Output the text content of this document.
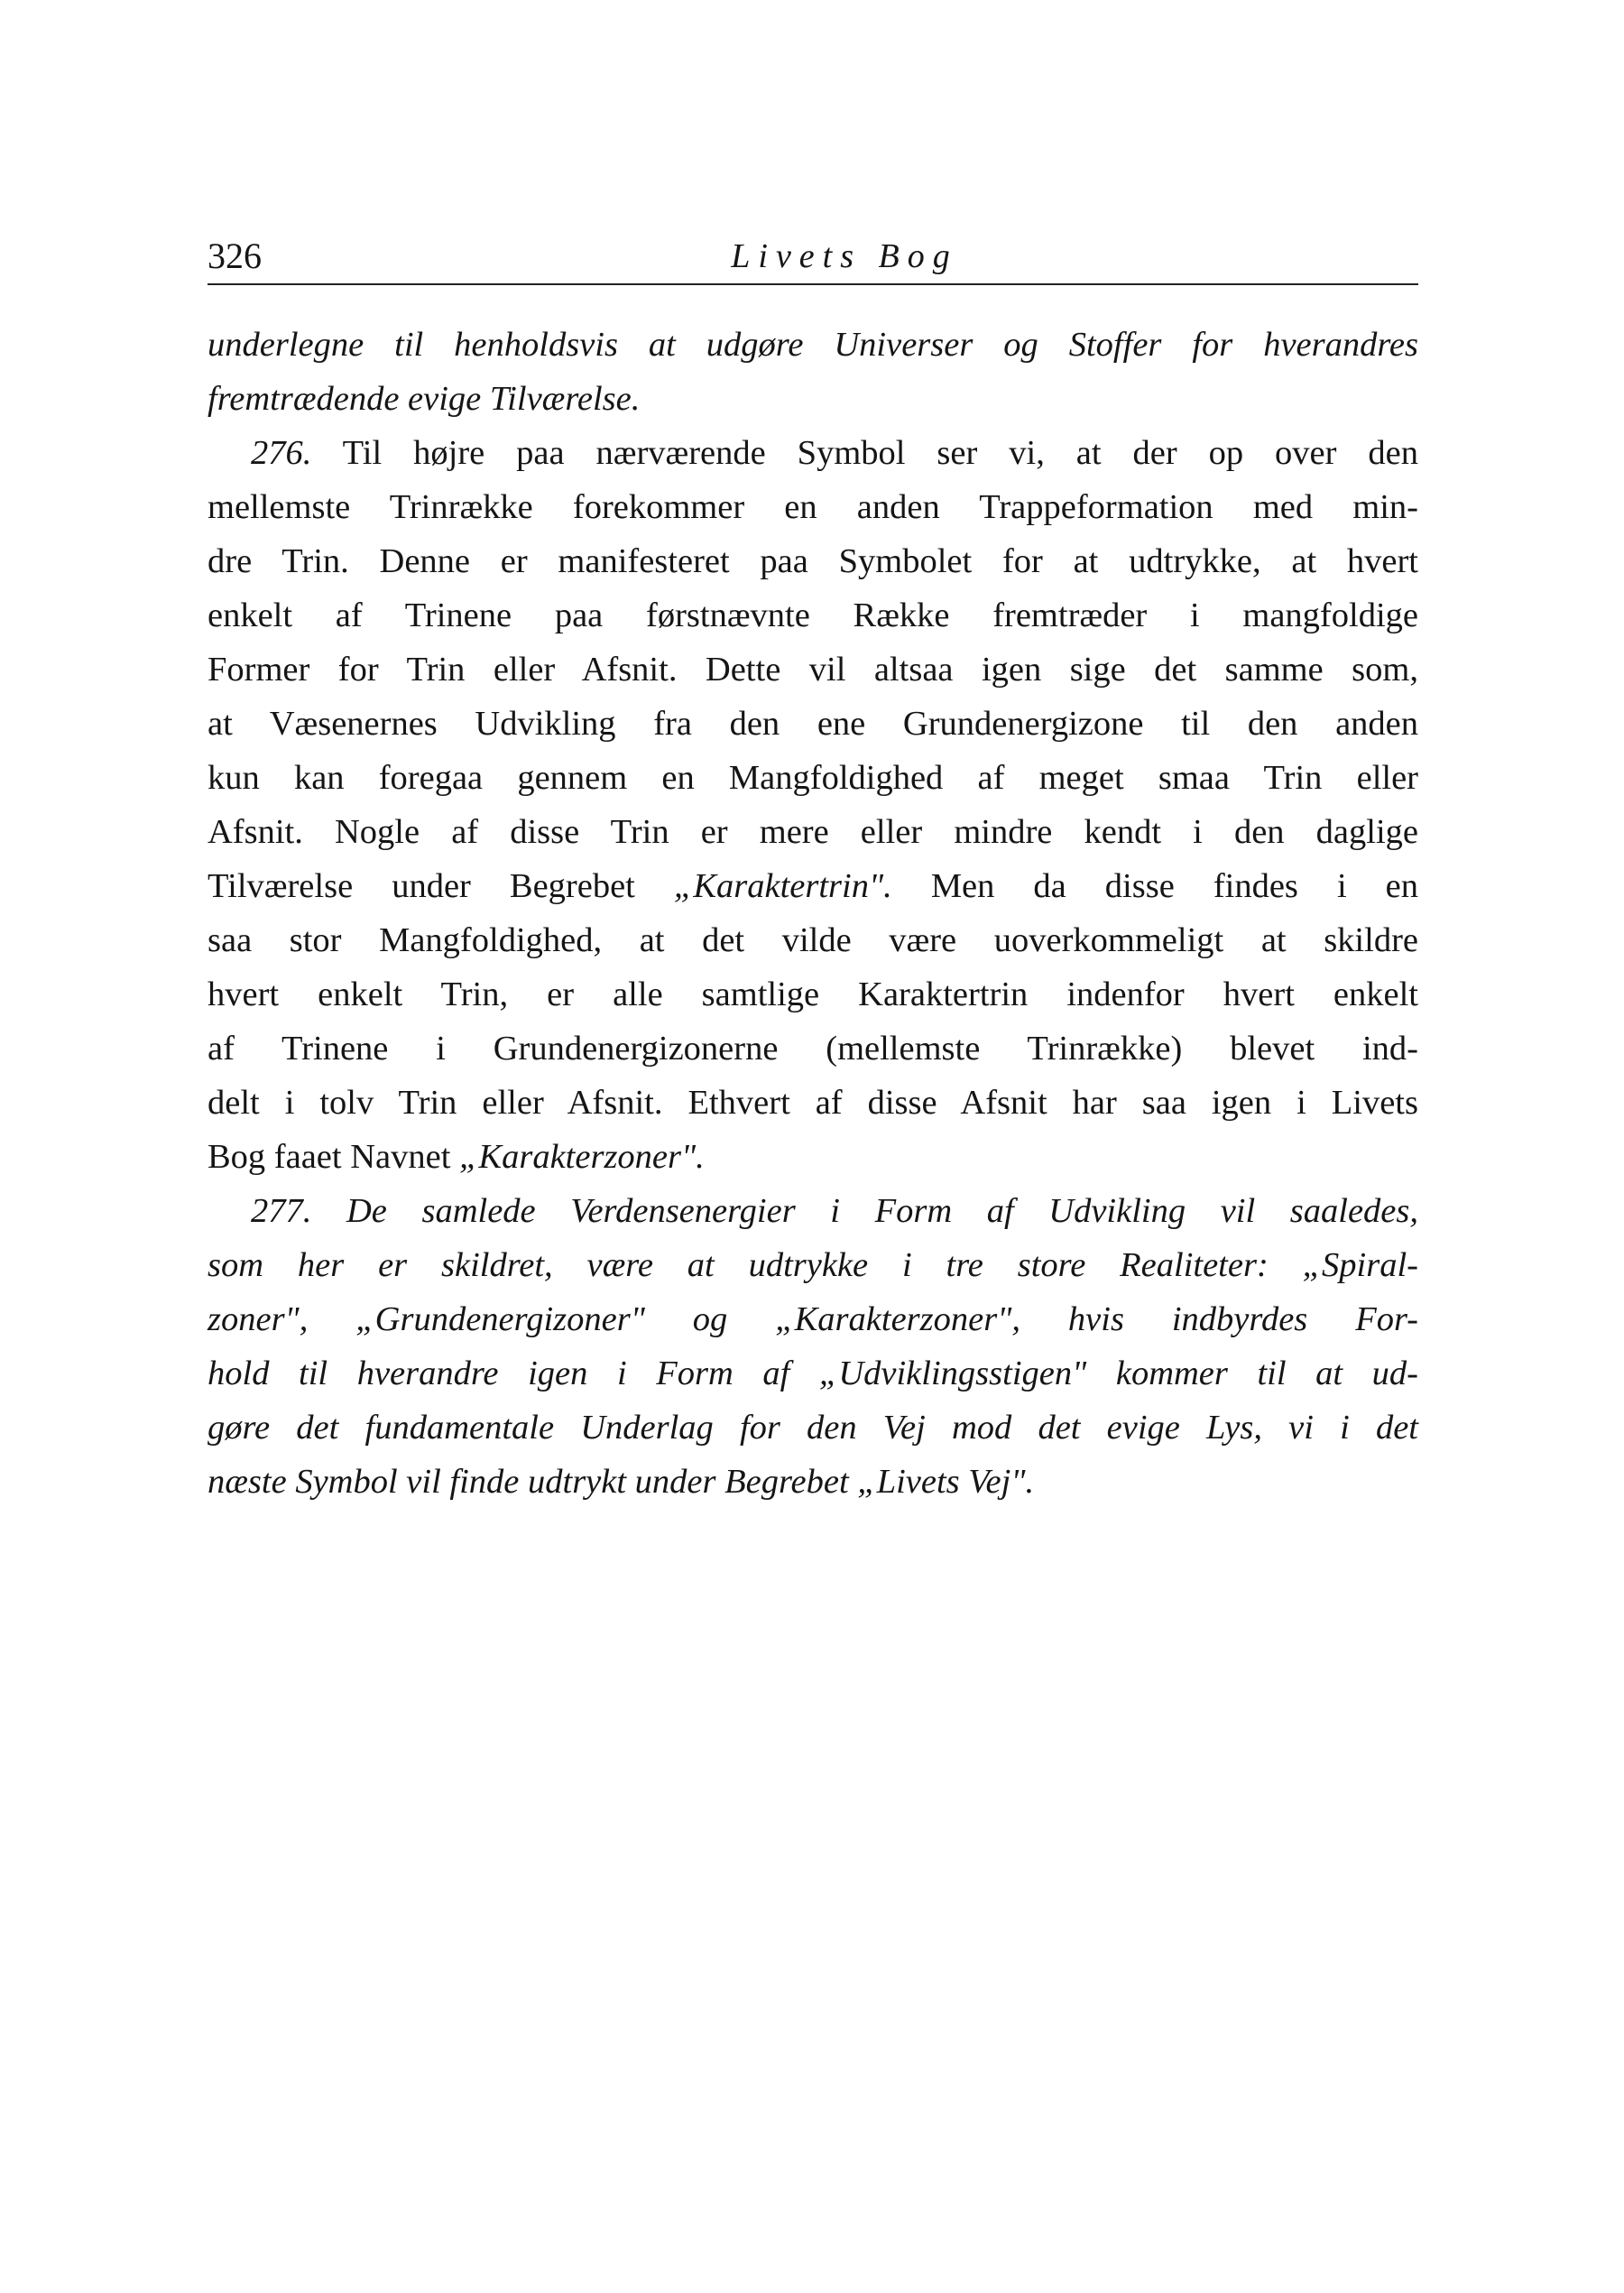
326	Livets Bog
underlegne til henholdsvis at udgøre Universer og Stoffer for hverandres
fremtrædende evige Tilværelse.
276. Til højre paa nærværende Symbol ser vi, at der op over den
mellemste Trinrække forekommer en anden Trappeformation med min-
dre Trin. Denne er manifesteret paa Symbolet for at udtrykke, at hvert
enkelt af Trinene paa førstnævnte Række fremtræder i mangfoldige
Former for Trin eller Afsnit. Dette vil altsaa igen sige det samme som,
at Væsenernes Udvikling fra den ene Grundenergizone til den anden
kun kan foregaa gennem en Mangfoldighed af meget smaa Trin eller
Afsnit. Nogle af disse Trin er mere eller mindre kendt i den daglige
Tilværelse under Begrebet „Karaktertrin". Men da disse findes i en
saa stor Mangfoldighed, at det vilde være uoverkommeligt at skildre
hvert enkelt Trin, er alle samtlige Karaktertrin indenfor hvert enkelt
af Trinene i Grundenergizonerne (mellemste Trinrække) blevet ind-
delt i tolv Trin eller Afsnit. Ethvert af disse Afsnit har saa igen i Livets
Bog faaet Navnet „Karakterzoner".
277. De samlede Verdensenergier i Form af Udvikling vil saaledes,
som her er skildret, være at udtrykke i tre store Realiteter: „Spiral-
zoner", „Grundenergizoner" og „Karakterzoner", hvis indbyrdes For-
hold til hverandre igen i Form af „Udviklingsstigen" kommer til at ud-
gøre det fundamentale Underlag for den Vej mod det evige Lys, vi i det
næste Symbol vil finde udtrykt under Begrebet „Livets Vej".
